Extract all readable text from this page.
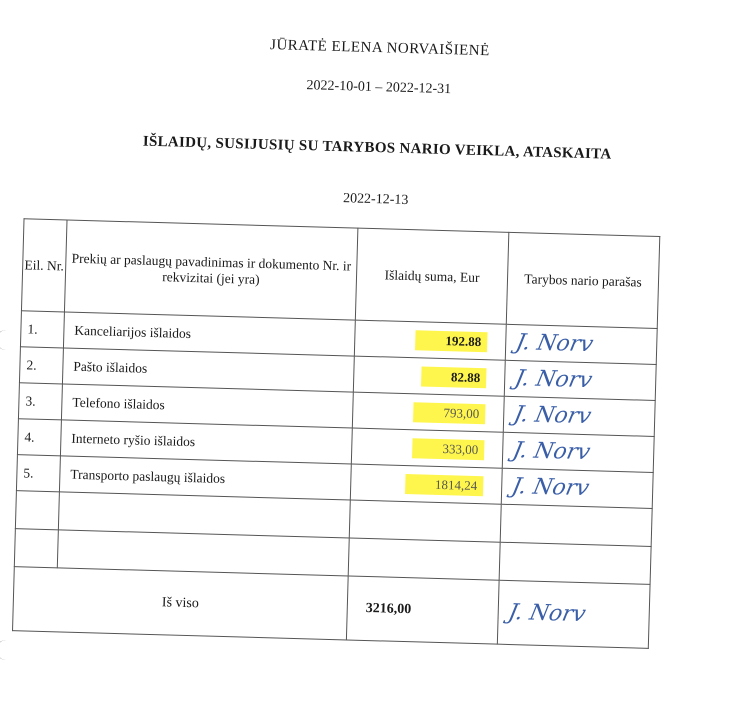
JŪRATĖ ELENA NORVAIŠIENĖ
2022-10-01 – 2022-12-31
IŠLAIDŲ, SUSIJUSIŲ SU TARYBOS NARIO VEIKLA, ATASKAITA
2022-12-13
Eil. Nr.	Prekių ar paslaugų pavadinimas ir dokumento Nr. ir rekvizitai (jei yra)	Išlaidų suma, Eur	Tarybos nario parašas
1.	Kanceliarijos išlaidos	192.88	J. Norv
2.	Pašto išlaidos	82.88	J. Norv
3.	Telefono išlaidos	793,00	J. Norv
4.	Interneto ryšio išlaidos	333,00	J. Norv
5.	Transporto paslaugų išlaidos	1814,24	J. Norv

Iš viso		3216,00	J. Norv
